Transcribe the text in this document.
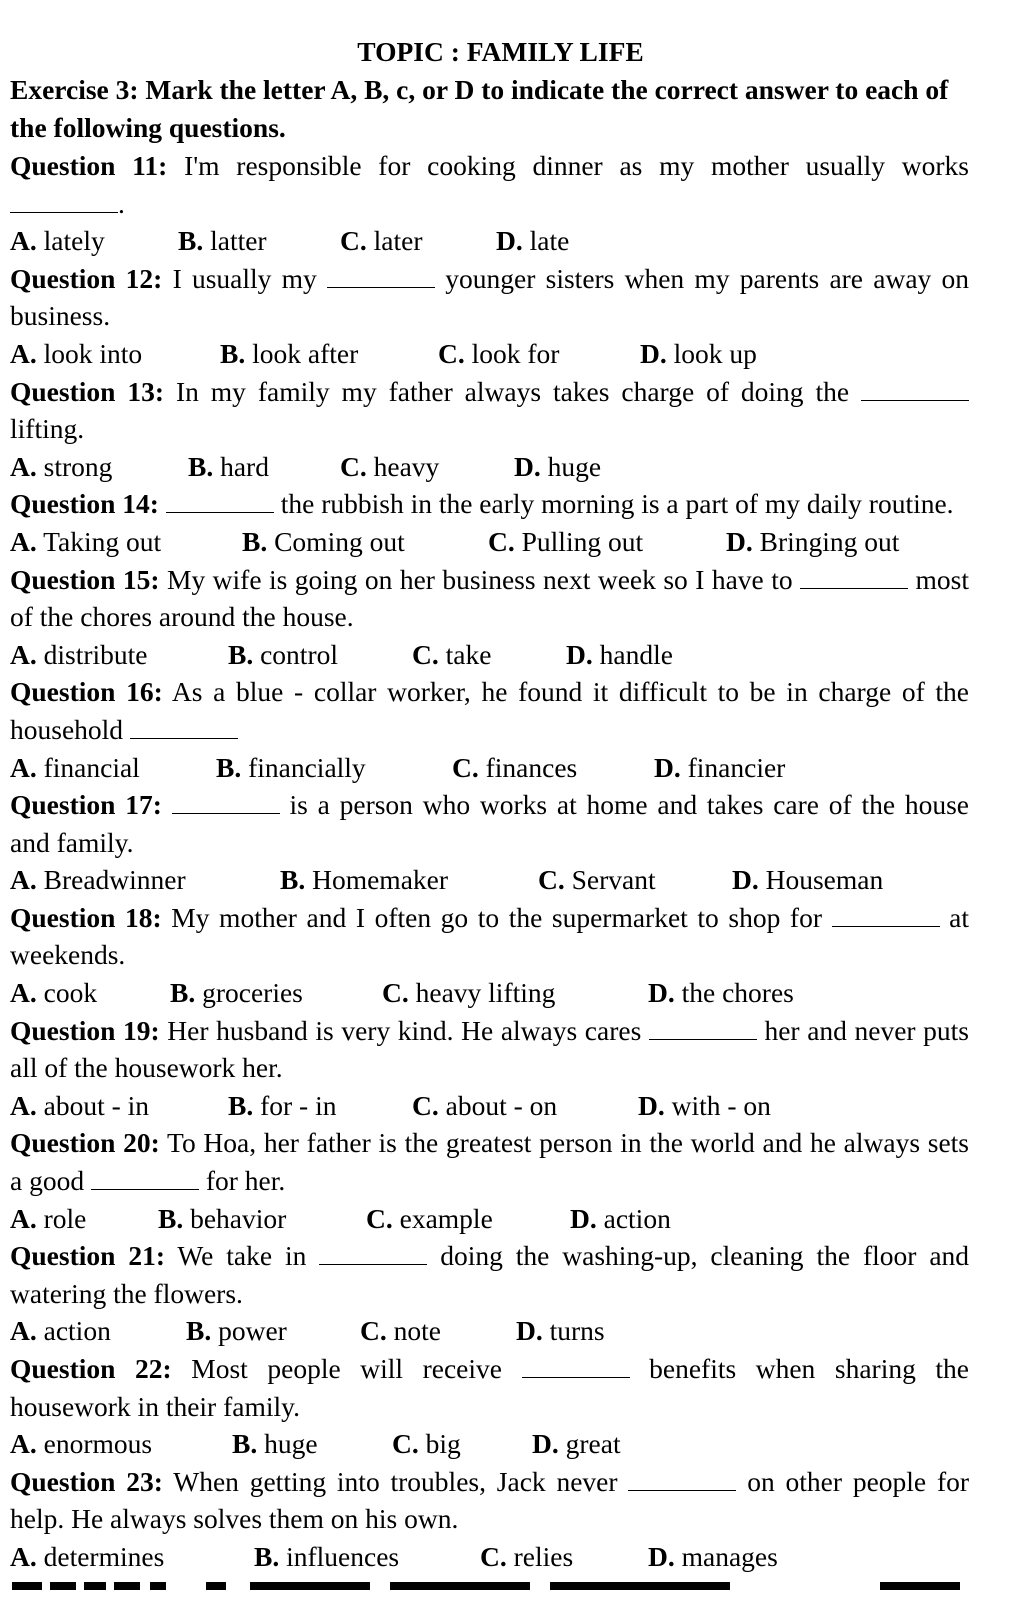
TOPIC : FAMILY LIFE
Exercise 3: Mark the letter A, B, c, or D to indicate the correct answer to each of the following questions.
Question 11: I'm responsible for cooking dinner as my mother usually works .
A. lately	B. latter	C. later	D. late
Question 12: I usually my	younger sisters when my parents are away on business.
A. look into	B. look after	C. look for	D. look up
Question 13: In my family my father always takes charge of doing the  lifting.
A. strong	B. hard	C. heavy	D. huge
Question 14:	the rubbish in the early morning is a part of my daily routine.
A. Taking out	B. Coming out	C. Pulling out	D. Bringing out
Question 15: My wife is going on her business next week so I have to	most of the chores around the house.
A. distribute	B. control	C. take	D. handle
Question 16: As a blue - collar worker, he found it difficult to be in charge of the household
A. financial	B. financially	C. finances	D. financier
Question 17:	is a person who works at home and takes care of the house and family.
A. Breadwinner	B. Homemaker	C. Servant	D. Houseman
Question 18: My mother and I often go to the supermarket to shop for	at weekends.
A. cook	B. groceries	C. heavy lifting	D. the chores
Question 19: Her husband is very kind. He always cares	her and never puts all of the housework her.
A. about - in	B. for - in	C. about - on	D. with - on
Question 20: To Hoa, her father is the greatest person in the world and he always sets a good	for her.
A. role	B. behavior	C. example	D. action
Question 21: We take in	doing the washing-up, cleaning the floor and watering the flowers.
A. action	B. power	C. note	D. turns
Question 22: Most people will receive	benefits when sharing the housework in their family.
A. enormous	B. huge	C. big	D. great
Question 23: When getting into troubles, Jack never	on other people for help. He always solves them on his own.
A. determines	B. influences	C. relies	D. manages
